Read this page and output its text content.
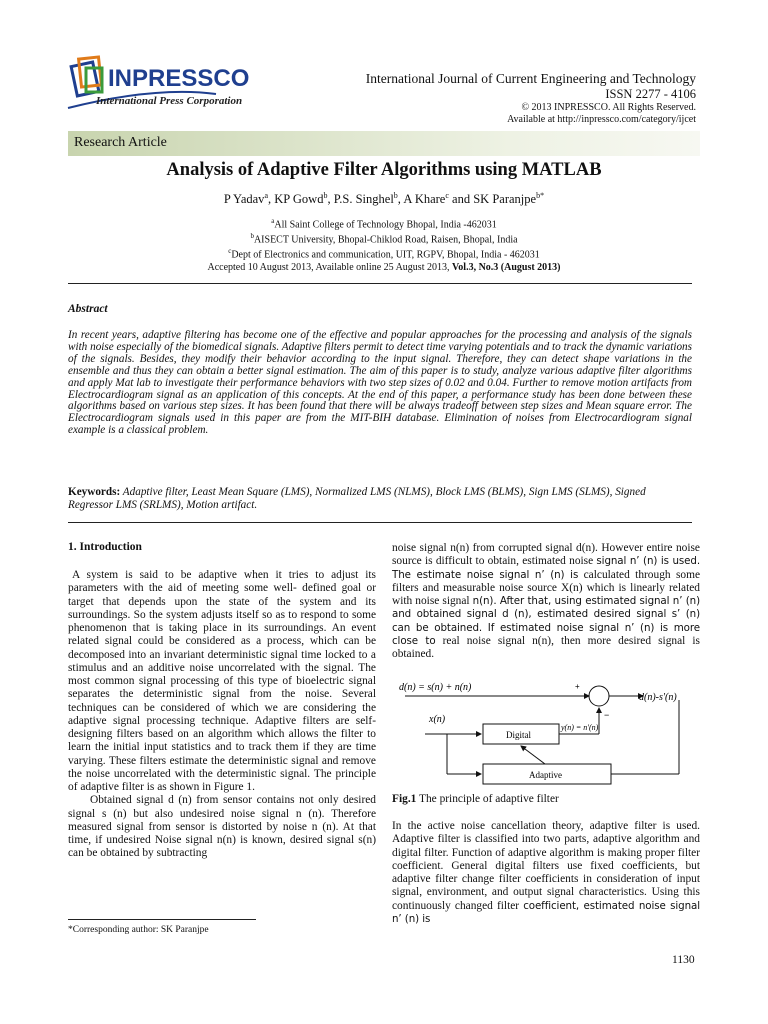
INPRESSCO
International Press Corporation
International Journal of Current Engineering and Technology
ISSN 2277 - 4106
© 2013 INPRESSCO. All Rights Reserved.
Available at http://inpressco.com/category/ijcet
Research Article
Analysis of Adaptive Filter Algorithms using MATLAB
P Yadav$^a$, KP Gowd$^b$, P.S. Singhel$^b$, A Khare$^c$ and SK Paranjpe$^{b*}$
$^a$All Saint College of Technology Bhopal, India -462031
$^b$AISECT University, Bhopal-Chiklod Road, Raisen, Bhopal, India
$^c$Dept of Electronics and communication, UIT, RGPV, Bhopal, India - 462031
Accepted 10 August 2013, Available online 25 August 2013, Vol.3, No.3 (August 2013)
Abstract
In recent years, adaptive filtering has become one of the effective and popular approaches for the processing and analysis of the signals with noise especially of the biomedical signals. Adaptive filters permit to detect time varying potentials and to track the dynamic variations of the signals. Besides, they modify their behavior according to the input signal. Therefore, they can detect shape variations in the ensemble and thus they can obtain a better signal estimation. The aim of this paper is to study, analyze various adaptive filter algorithms and apply Mat lab to investigate their performance behaviors with two step sizes of 0.02 and 0.04. Further to remove motion artifacts from Electrocardiogram signal as an application of this concepts. At the end of this paper, a performance study has been done between these algorithms based on various step sizes. It has been found that there will be always tradeoff between step sizes and Mean square error. The Electrocardiogram signals used in this paper are from the MIT-BIH database. Elimination of noises from Electrocardiogram signal example is a classical problem.
Keywords: Adaptive filter, Least Mean Square (LMS), Normalized LMS (NLMS), Block LMS (BLMS), Sign LMS (SLMS), Signed Regressor LMS (SRLMS), Motion artifact.
1. Introduction

A system is said to be adaptive when it tries to adjust its parameters with the aid of meeting some well- defined goal or target that depends upon the state of the system and its surroundings. So the system adjusts itself so as to respond to some phenomenon that is taking place in its surroundings. An event related signal could be considered as a process, which can be decomposed into an invariant deterministic signal time locked to a stimulus and an additive noise uncorrelated with the signal. The most common signal processing of this type of bioelectric signal separates the deterministic signal from the noise. Several techniques can be considered of which we are considering the adaptive signal processing technique. Adaptive filters are self-designing filters based on an algorithm which allows the filter to learn the initial input statistics and to track them if they are time varying. These filters estimate the deterministic signal and remove the noise uncorrelated with the deterministic signal. The principle of adaptive filter is as shown in Figure 1.

Obtained signal d (n) from sensor contains not only desired signal s (n) but also undesired noise signal n (n). Therefore measured signal from sensor is distorted by noise n (n). At that time, if undesired Noise signal n(n) is known, desired signal s(n) can be obtained by subtracting

*Corresponding author: SK Paranjpe

noise signal n(n) from corrupted signal d(n). However entire noise source is difficult to obtain, estimated noise signal n’ (n) is used. The estimate noise signal n’ (n) is calculated through some filters and measurable noise source X(n) which is linearly related with noise signal n(n). After that, using estimated signal n’ (n) and obtained signal d (n), estimated desired signal s’ (n) can be obtained. If estimated noise signal n’ (n) is more close to real noise signal n(n), then more desired signal is obtained.

d(n) = s(n) + n(n)	+
−
d(n)-s'(n)
x(n)
Digital
y(n) = n'(n)
Adaptive
Fig.1 The principle of adaptive filter

In the active noise cancellation theory, adaptive filter is used. Adaptive filter is classified into two parts, adaptive algorithm and digital filter. Function of adaptive algorithm is making proper filter coefficient. General digital filters use fixed coefficients, but adaptive filter change filter coefficients in consideration of input signal, environment, and output signal characteristics. Using this continuously changed filter coefficient, estimated noise signal n’ (n) is

1130
